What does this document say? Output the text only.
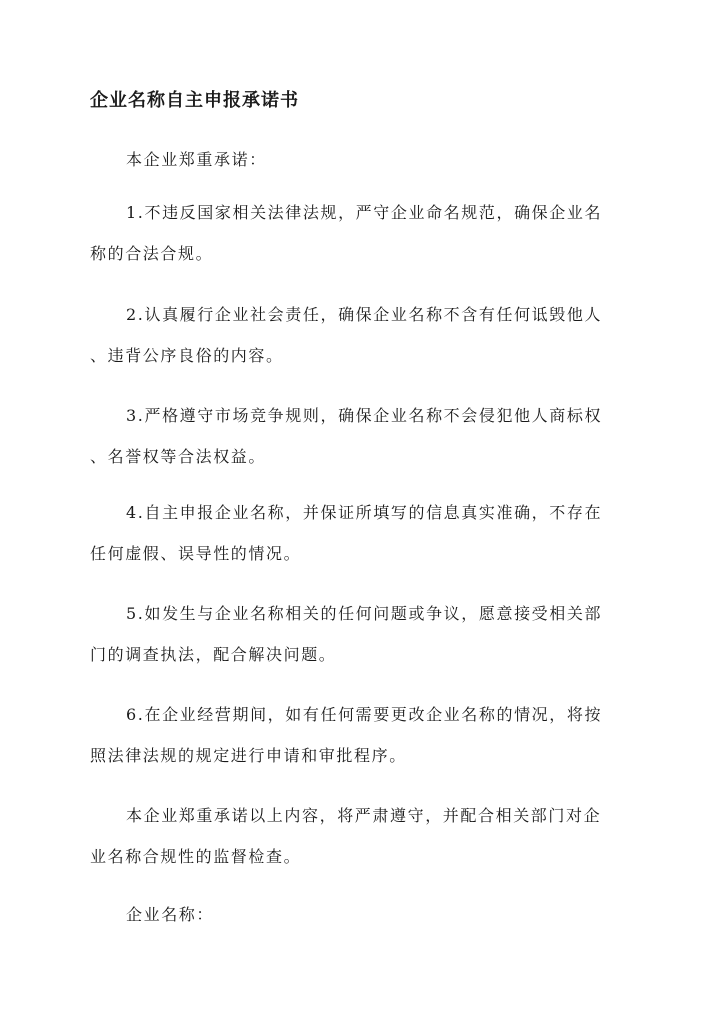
企业名称自主申报承诺书
本企业郑重承诺：
1.不违反国家相关法律法规，严守企业命名规范，确保企业名
称的合法合规。
2.认真履行企业社会责任，确保企业名称不含有任何诋毁他人
、违背公序良俗的内容。
3.严格遵守市场竞争规则，确保企业名称不会侵犯他人商标权
、名誉权等合法权益。
4.自主申报企业名称，并保证所填写的信息真实准确，不存在
任何虚假、误导性的情况。
5.如发生与企业名称相关的任何问题或争议，愿意接受相关部
门的调查执法，配合解决问题。
6.在企业经营期间，如有任何需要更改企业名称的情况，将按
照法律法规的规定进行申请和审批程序。
本企业郑重承诺以上内容，将严肃遵守，并配合相关部门对企
业名称合规性的监督检查。
企业名称：
